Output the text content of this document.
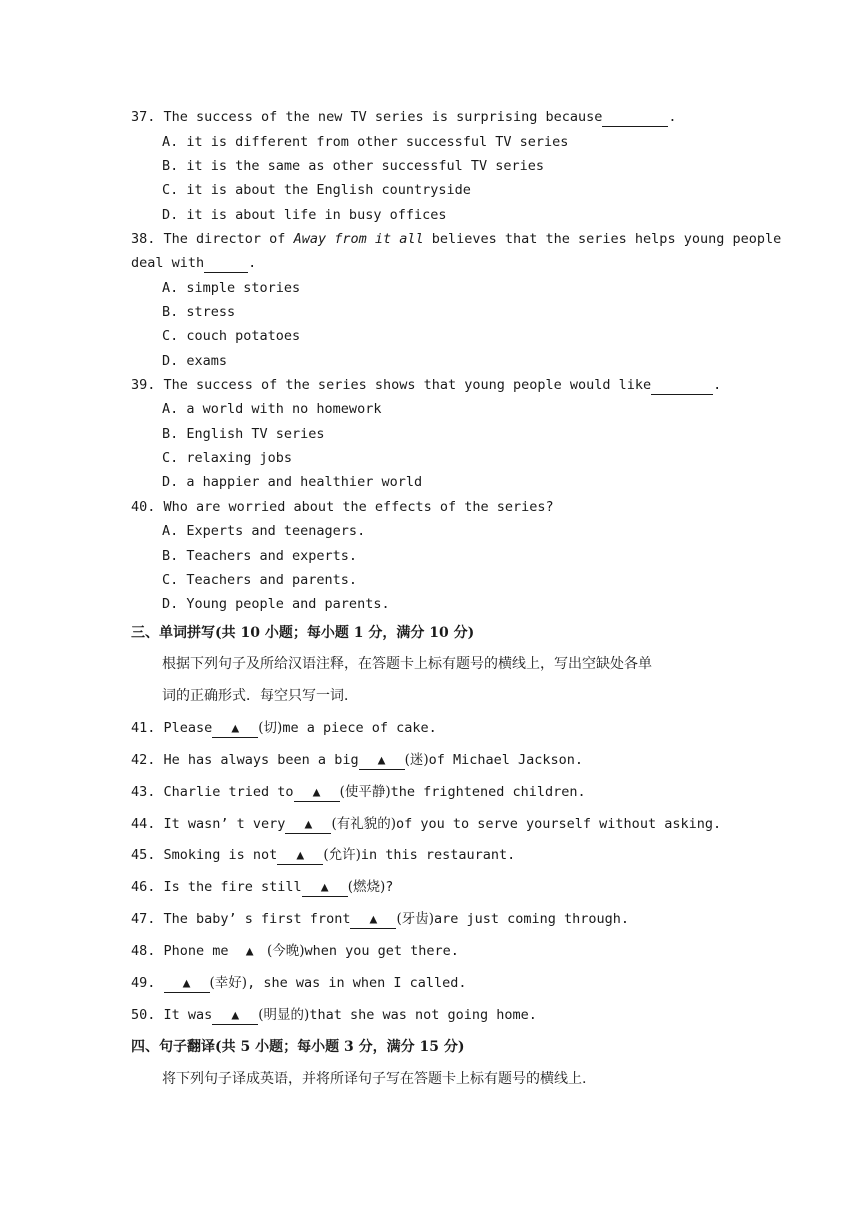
37. The success of the new TV series is surprising because	.
A. it is different from other successful TV series
B. it is the same as other successful TV series
C. it is about the English countryside
D. it is about life in busy offices
38. The director of Away from it all believes that the series helps young people
deal with	.
A. simple stories
B. stress
C. couch potatoes
D. exams
39. The success of the series shows that young people would like	.
A. a world with no homework
B. English TV series
C. relaxing jobs
D. a happier and healthier world
40. Who are worried about the effects of the series?
A. Experts and teenagers.
B. Teachers and experts.
C. Teachers and parents.
D. Young people and parents.
三、单词拼写(共 10 小题；每小题 1 分，满分 10 分)
根据下列句子及所给汉语注释，在答题卡上标有题号的横线上，写出空缺处各单
词的正确形式．每空只写一词．
41. Please ▲ (切)me a piece of cake.
42. He has always been a big ▲ (迷)of Michael Jackson.
43. Charlie tried to ▲ (使平静)the frightened children.
44. It wasn’ t very ▲ (有礼貌的)of you to serve yourself without asking.
45. Smoking is not ▲ (允许)in this restaurant.
46. Is the fire still ▲ (燃烧)?
47. The baby’ s first front ▲ (牙齿)are just coming through.
48. Phone me ▲ (今晚)when you get there.
49. ▲ (幸好), she was in when I called.
50. It was ▲ (明显的)that she was not going home.
四、句子翻译(共 5 小题；每小题 3 分，满分 15 分)
将下列句子译成英语，并将所译句子写在答题卡上标有题号的横线上.
